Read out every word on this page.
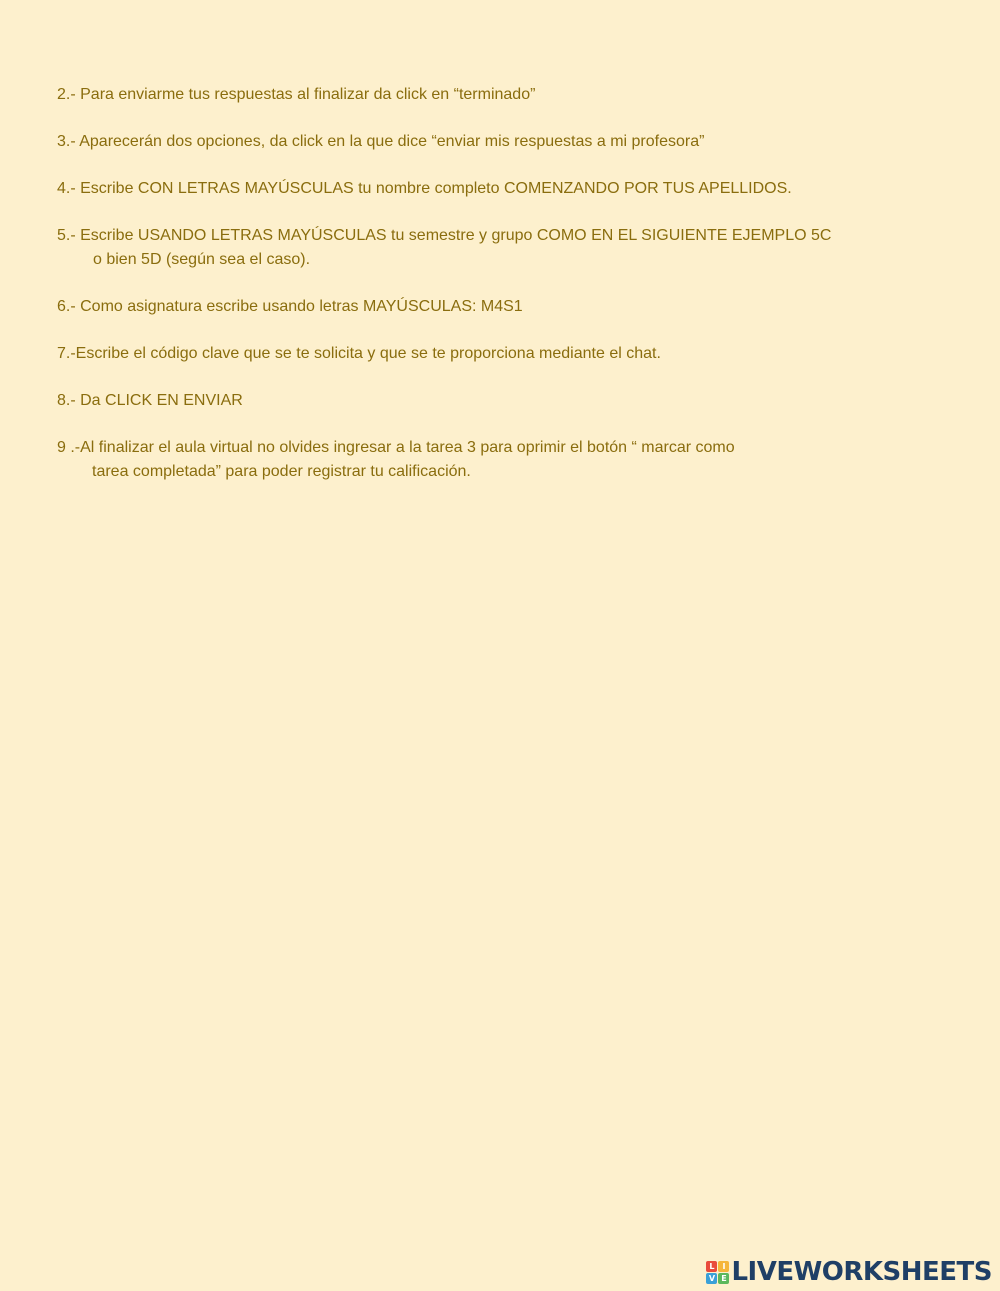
2.- Para enviarme tus respuestas al finalizar da click en “terminado”
3.- Aparecerán dos opciones, da click en la que dice “enviar mis respuestas a mi profesora”
4.- Escribe CON LETRAS MAYÚSCULAS tu nombre completo COMENZANDO POR TUS APELLIDOS.
5.- Escribe USANDO LETRAS MAYÚSCULAS tu semestre y grupo COMO EN EL SIGUIENTE EJEMPLO 5C
o bien 5D (según sea el caso).
6.- Como asignatura escribe usando letras MAYÚSCULAS: M4S1
7.-Escribe el código clave que se te solicita y que se te proporciona mediante el chat.
8.- Da CLICK EN ENVIAR
9 .-Al finalizar el aula virtual no olvides ingresar a la tarea 3 para oprimir el botón “ marcar como
tarea completada” para poder registrar tu calificación.
L I
V E LIVEWORKSHEETS
